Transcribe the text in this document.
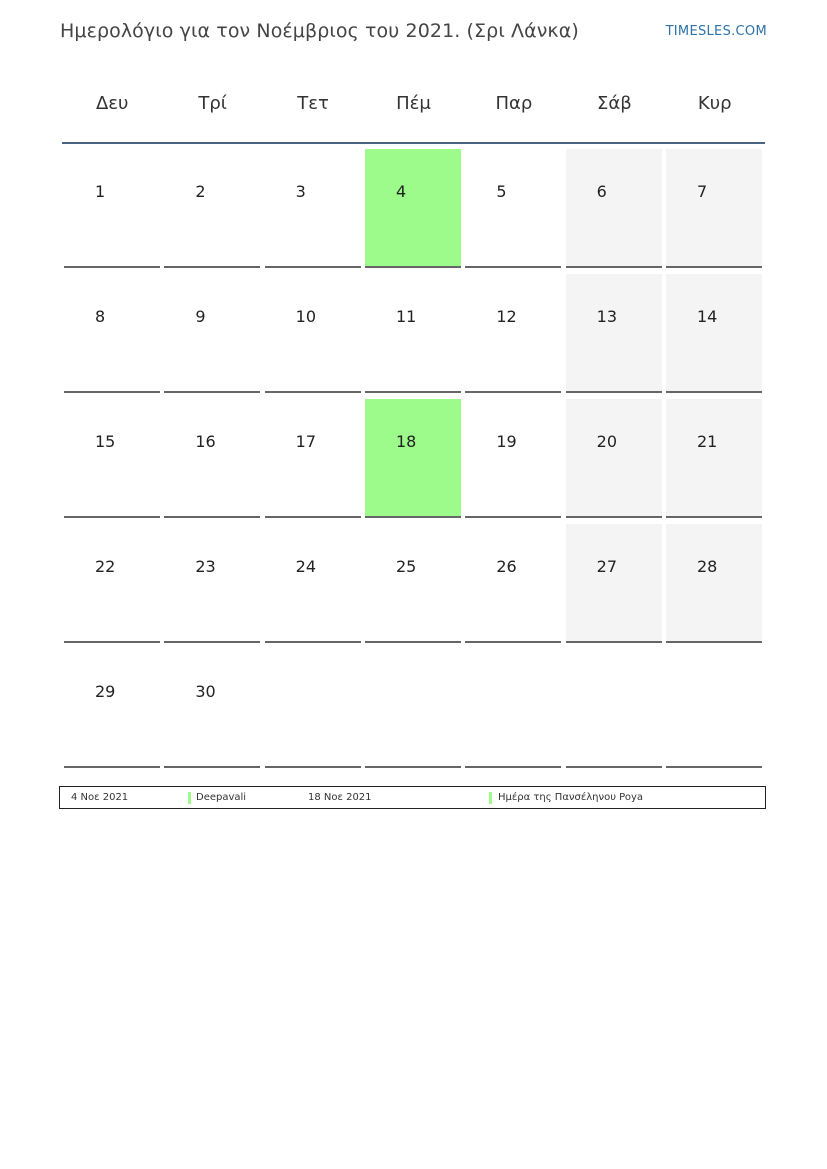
Ημερολόγιο για τον Νοέμβριος του 2021. (Σρι Λάνκα)	TIMESLES.COM
Δευ	Τρί	Τετ	Πέμ	Παρ	Σάβ	Κυρ
1	2	3	4	5	6	7
8	9	10	11	12	13	14
15	16	17	18	19	20	21
22	23	24	25	26	27	28
29	30
4 Νοε 2021	Deepavali	18 Νοε 2021	Ημέρα της Πανσέληνου Poya
